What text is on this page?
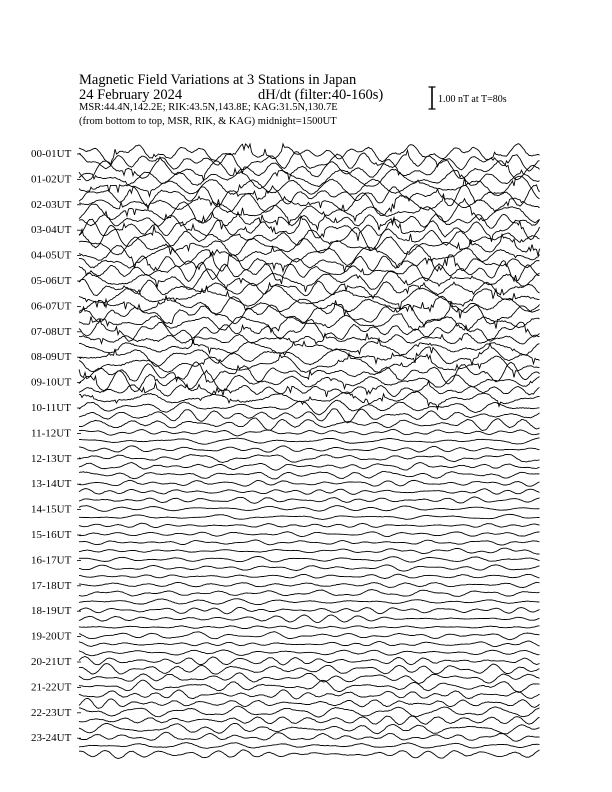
Magnetic Field Variations at 3 Stations in Japan
24 February 2024	dH/dt (filter:40-160s)
MSR:44.4N,142.2E; RIK:43.5N,143.8E; KAG:31.5N,130.7E
(from bottom to top, MSR, RIK, & KAG) midnight=1500UT
1.00 nT at T=80s
00-01UT
01-02UT
02-03UT
03-04UT
04-05UT
05-06UT
06-07UT
07-08UT
08-09UT
09-10UT
10-11UT
11-12UT
12-13UT
13-14UT
14-15UT
15-16UT
16-17UT
17-18UT
18-19UT
19-20UT
20-21UT
21-22UT
22-23UT
23-24UT
